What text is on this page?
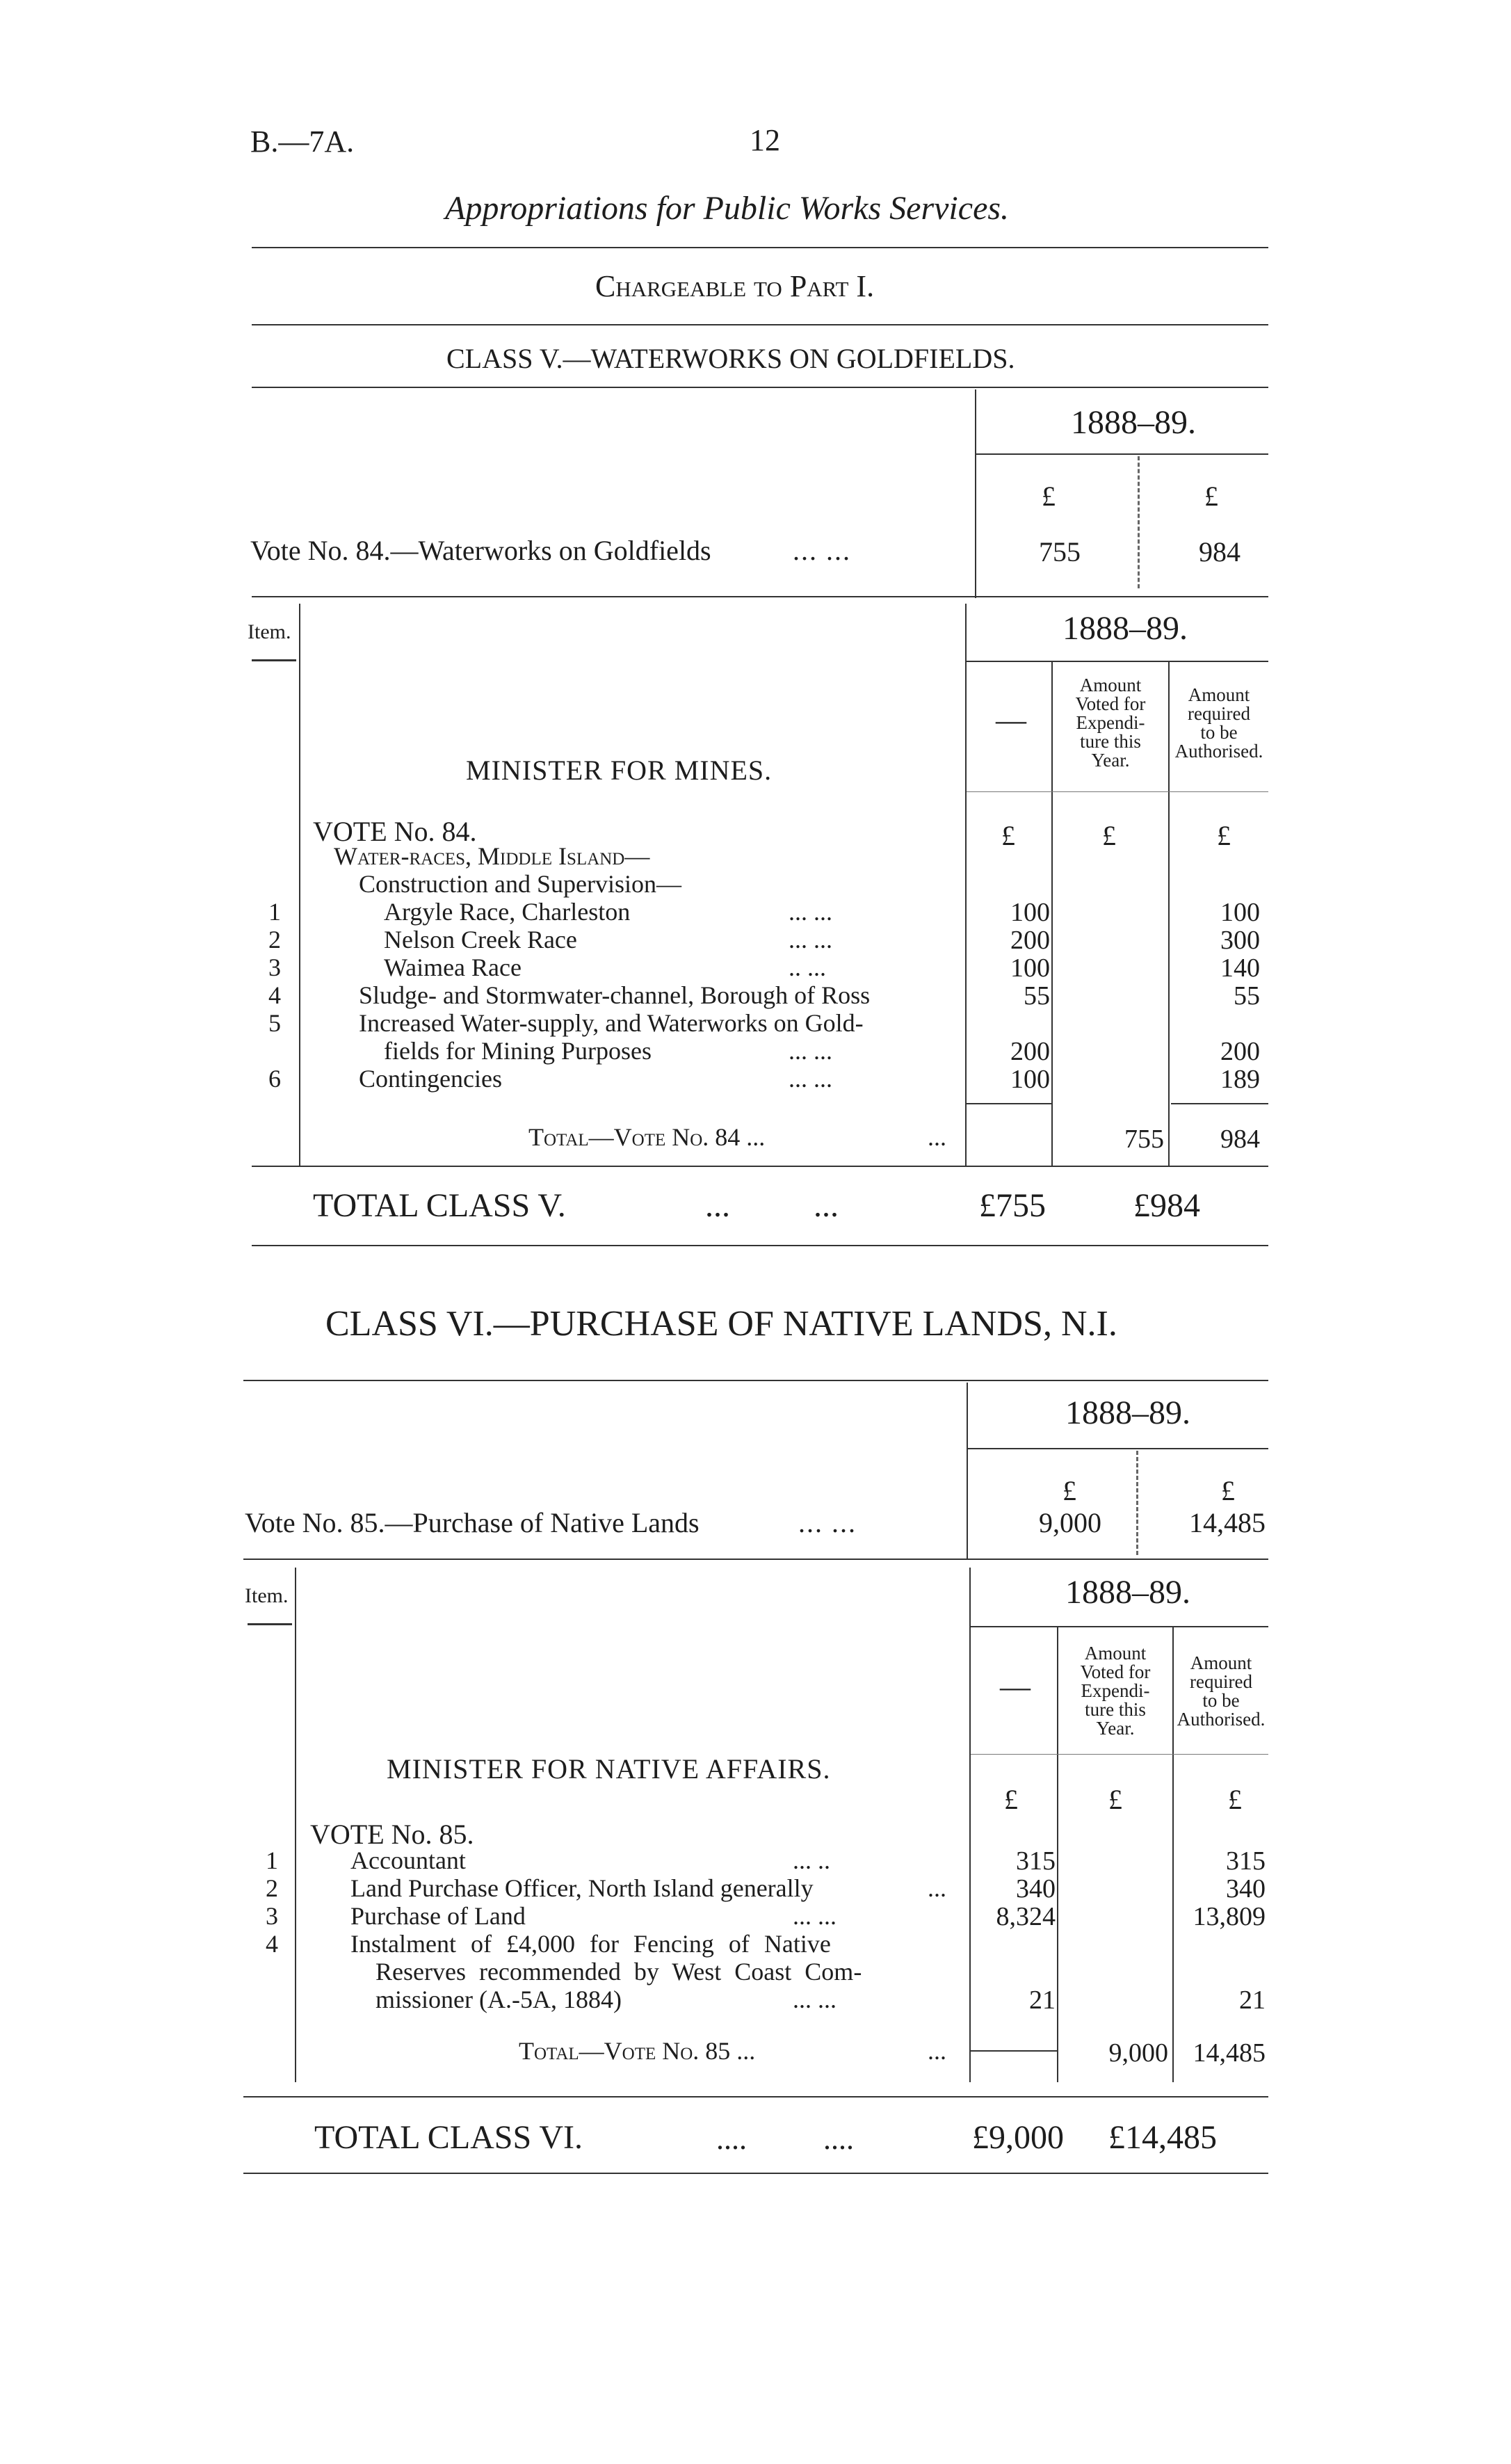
B.—7A.	12
Appropriations for Public Works Services.
Chargeable to Part I.
CLASS V.—WATERWORKS ON GOLDFIELDS.
1888–89.
£	£
Vote No. 84.—Waterworks on Goldfields	... ...	755	984
Item.	1888–89.
—
Amount
Voted for
Expendi-
ture this
Year.
Amount
required
to be
Authorised.
MINISTER FOR MINES.
VOTE No. 84.
Water-races, Middle Island—
Construction and Supervision—
£	£	£
1	Argyle Race, Charleston	... ...	100	100
2	Nelson Creek Race	... ...	200	300
3	Waimea Race	.. ...	100	140
4	Sludge- and Stormwater-channel, Borough of Ross	55	55
5	Increased Water-supply, and Waterworks on Gold-
fields for Mining Purposes	... ...	200	200
6	Contingencies	... ...	100	189
Total—Vote No. 84 ...	...	755	984
TOTAL CLASS V.	...          ...	£755	£984
CLASS VI.—PURCHASE OF NATIVE LANDS, N.I.
1888–89.
£	£
Vote No. 85.—Purchase of Native Lands	... ...	9,000	14,485
Item.	1888–89.
—
Amount
Voted for
Expendi-
ture this
Year.
Amount
required
to be
Authorised.
MINISTER FOR NATIVE AFFAIRS.
£	£	£
VOTE No. 85.
1	Accountant	... ..	315	315
2	Land Purchase Officer, North Island generally	...	340	340
3	Purchase of Land	... ...	8,324	13,809
4	Instalment of £4,000 for Fencing of Native
Reserves recommended by West Coast Com-
missioner (A.-5A, 1884)	... ...	21	21
Total—Vote No. 85 ...	...	9,000 14,485
TOTAL CLASS VI.	....          ....	£9,000 £14,485
